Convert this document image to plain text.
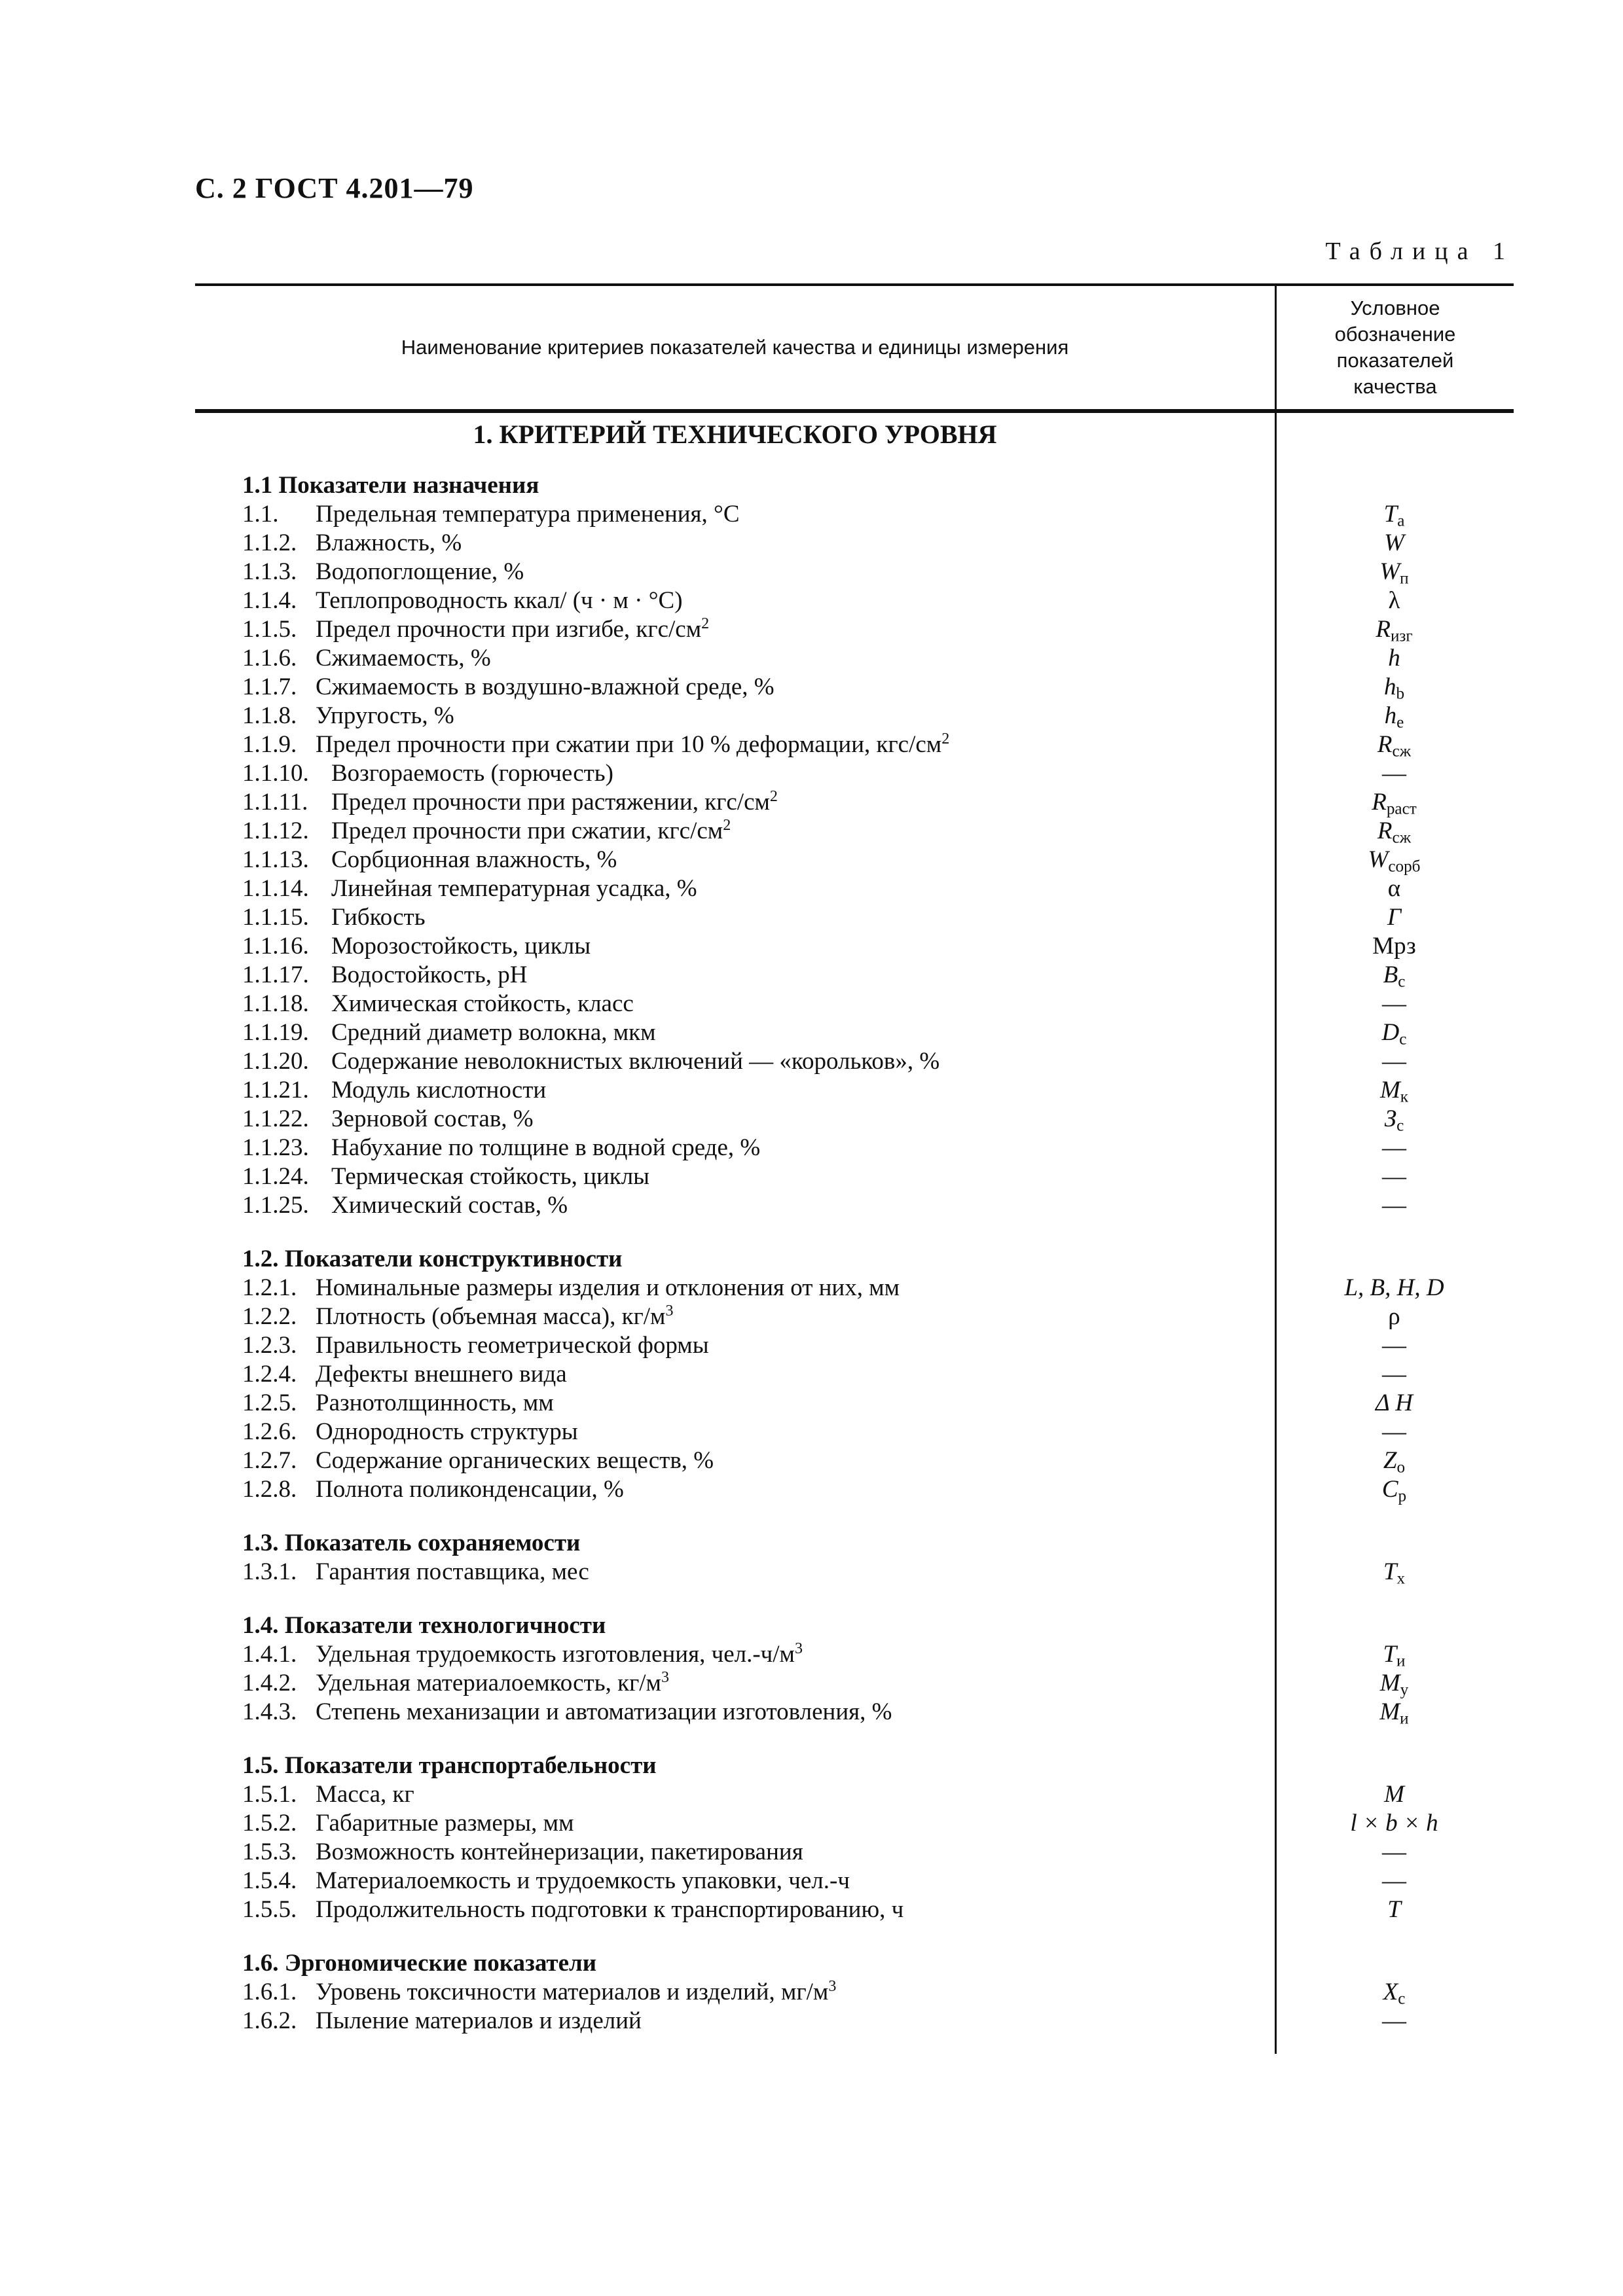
С. 2 ГОСТ 4.201—79
Таблица 1
Наименование критериев показателей качества и единицы измерения
Условное
обозначение
показателей
качества
1. КРИТЕРИЙ ТЕХНИЧЕСКОГО УРОВНЯ
1.1 Показатели назначения
1.1.	Предельная температура применения, °С	$T_а$
1.1.2. Влажность, %	W
1.1.3. Водопоглощение, %	$W_п$
1.1.4. Теплопроводность ккал/ (ч · м · °С)	λ
1.1.5. Предел прочности при изгибе, кгс/$см^2$	$R_{изг}$
1.1.6. Сжимаемость, %	h
1.1.7. Сжимаемость в воздушно-влажной среде, %	$h_b$
1.1.8. Упругость, %	$h_е$
1.1.9. Предел прочности при сжатии при 10 % деформации, кгс/$см^2$	$R_{сж}$
1.1.10. Возгораемость (горючесть)	—
1.1.11. Предел прочности при растяжении, кгс/$см^2$	$R_{раст}$
1.1.12. Предел прочности при сжатии, кгс/$см^2$	$R_{сж}$
1.1.13. Сорбционная влажность, %	$W_{сорб}$
1.1.14. Линейная температурная усадка, %	α
1.1.15. Гибкость	Г
1.1.16. Морозостойкость, циклы	Мрз
1.1.17. Водостойкость, рН	$B_с$
1.1.18. Химическая стойкость, класс	—
1.1.19. Средний диаметр волокна, мкм	$D_с$
1.1.20. Содержание неволокнистых включений — «корольков», %	—
1.1.21. Модуль кислотности	$M_к$
1.1.22. Зерновой состав, %	$З_с$
1.1.23. Набухание по толщине в водной среде, %	—
1.1.24. Термическая стойкость, циклы	—
1.1.25. Химический состав, %	—
1.2. Показатели конструктивности
1.2.1. Номинальные размеры изделия и отклонения от них, мм	L, B, H, D
1.2.2. Плотность (объемная масса), $кг/м^3$	ρ
1.2.3. Правильность геометрической формы	—
1.2.4. Дефекты внешнего вида	—
1.2.5. Разнотолщинность, мм	Δ H
1.2.6. Однородность структуры	—
1.2.7. Содержание органических веществ, %	$Z_о$
1.2.8. Полнота поликонденсации, %	$C_р$
1.3. Показатель сохраняемости
1.3.1. Гарантия поставщика, мес	$T_х$
1.4. Показатели технологичности
1.4.1. Удельная трудоемкость изготовления, $чел.-ч/м^3$	$T_и$
1.4.2. Удельная материалоемкость, $кг/м^3$	$M_у$
1.4.3. Степень механизации и автоматизации изготовления, %	$M_и$
1.5. Показатели транспортабельности
1.5.1. Масса, кг	M
1.5.2. Габаритные размеры, мм	l × b × h
1.5.3. Возможность контейнеризации, пакетирования	—
1.5.4. Материалоемкость и трудоемкость упаковки, чел.-ч	—
1.5.5. Продолжительность подготовки к транспортированию, ч	T
1.6. Эргономические показатели
1.6.1. Уровень токсичности материалов и изделий, $мг/м^3$	$X_с$
1.6.2. Пыление материалов и изделий	—
